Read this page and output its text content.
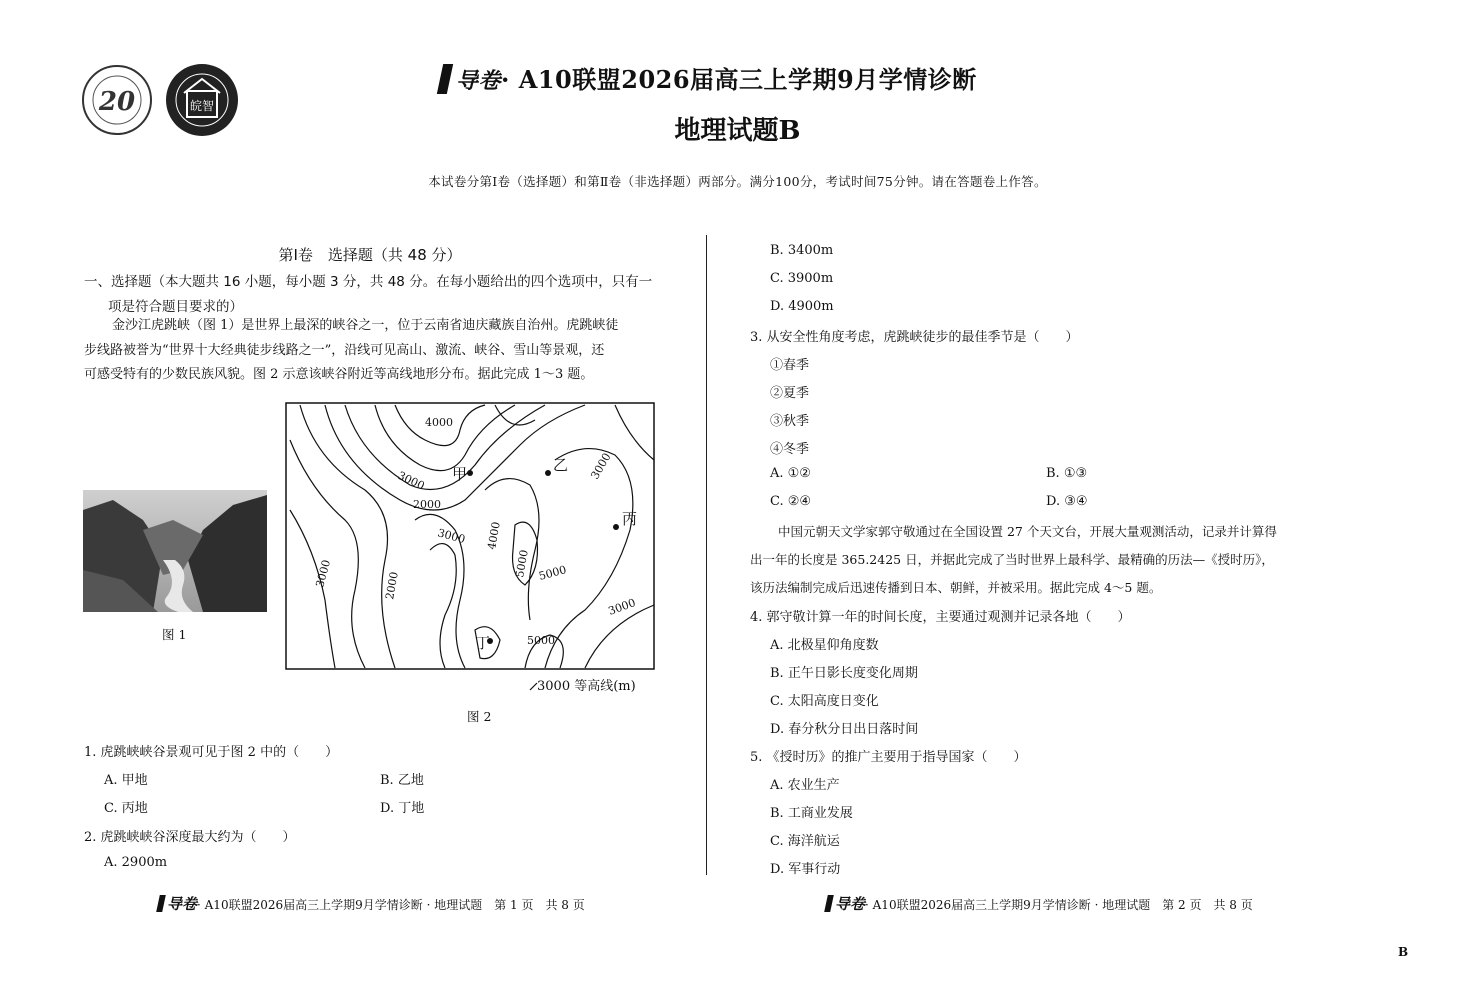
20	皖智
导卷· A10联盟2026届高三上学期9月学情诊断
地理试题B
本试卷分第Ⅰ卷（选择题）和第Ⅱ卷（非选择题）两部分。满分100分，考试时间75分钟。请在答题卷上作答。
第Ⅰ卷　选择题（共 48 分）
一、选择题（本大题共 16 小题，每小题 3 分，共 48 分。在每小题给出的四个选项中，只有一
项是符合题目要求的）
金沙江虎跳峡（图 1）是世界上最深的峡谷之一，位于云南省迪庆藏族自治州。虎跳峡徒
步线路被誉为“世界十大经典徒步线路之一”，沿线可见高山、激流、峡谷、雪山等景观，还
可感受特有的少数民族风貌。图 2 示意该峡谷附近等高线地形分布。据此完成 1～3 题。
图 1
4000
3000	3000
2000
3000 4000
5000 5000
3000
2000
3000
5000
甲	乙
丙
丁
3000 等高线(m)
图 2
1. 虎跳峡峡谷景观可见于图 2 中的（　　）
A. 甲地	B. 乙地
C. 丙地	D. 丁地
2. 虎跳峡峡谷深度最大约为（　　）
A. 2900m
B. 3400m
C. 3900m
D. 4900m
3. 从安全性角度考虑，虎跳峡徒步的最佳季节是（　　）
①春季
②夏季
③秋季
④冬季
A. ①②	B. ①③
C. ②④	D. ③④
中国元朝天文学家郭守敬通过在全国设置 27 个天文台，开展大量观测活动，记录并计算得
出一年的长度是 365.2425 日，并据此完成了当时世界上最科学、最精确的历法—《授时历》，
该历法编制完成后迅速传播到日本、朝鲜，并被采用。据此完成 4～5 题。
4. 郭守敬计算一年的时间长度，主要通过观测并记录各地（　　）
A. 北极星仰角度数
B. 正午日影长度变化周期
C. 太阳高度日变化
D. 春分秋分日出日落时间
5. 《授时历》的推广主要用于指导国家（　　）
A. 农业生产
B. 工商业发展
C. 海洋航运
D. 军事行动
导卷· A10联盟2026届高三上学期9月学情诊断 · 地理试题　第 1 页　共 8 页	导卷· A10联盟2026届高三上学期9月学情诊断 · 地理试题　第 2 页　共 8 页
B
